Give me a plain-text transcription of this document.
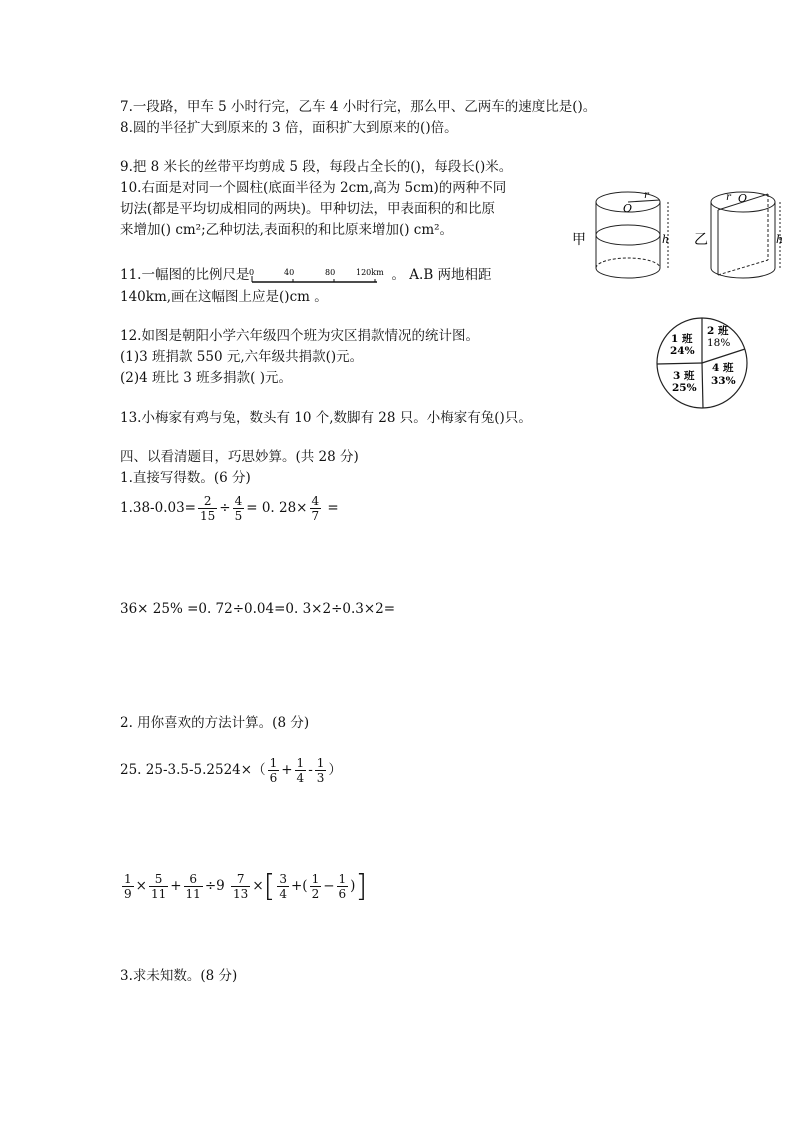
7.一段路，甲车 5 小时行完，乙车 4 小时行完，那么甲、乙两车的速度比是()。
8.圆的半径扩大到原来的 3 倍，面积扩大到原来的()倍。
9.把 8 米长的丝带平均剪成 5 段，每段占全长的()，每段长()米。
10.右面是对同一个圆柱(底面半径为 2cm,高为 5cm)的两种不同
切法(都是平均切成相同的两块)。甲种切法，甲表面积的和比原
来增加() cm²;乙种切法,表面积的和比原来增加() cm²。
甲
O
r
h 乙
r O
h
11.一幅图的比例尺是 0	40	80	120km 。 A.B 两地相距
140km,画在这幅图上应是()cm 。
12.如图是朝阳小学六年级四个班为灾区捐款情况的统计图。
(1)3 班捐款 550 元,六年级共捐款()元。
(2)4 班比 3 班多捐款( )元。
1 班
24%
2 班
18%
4 班
33%
3 班
25%
13.小梅家有鸡与兔，数头有 10 个,数脚有 28 只。小梅家有兔()只。
四、以看清题目，巧思妙算。(共 28 分)
1.直接写得数。(6 分)
$1.38-0.03= \frac{2}{15} \div \frac{4}{5} = 0$. $28\times \frac{4}{7}$ =
36× 25% =0. 72÷0.04=0. 3×2÷0.3×2=
2. 用你喜欢的方法计算。(8 分)
25. $25-3.5-5.2524\times( \frac{1}{6} + \frac{1}{4} - \frac{1}{3}$ ）
$\frac{1}{9} \times \frac{5}{11} + \frac{6}{11} \div 9 \frac{7}{13}$ ×[ $\frac{3}{4}$ +( $\frac{1}{2} - \frac{1}{6}$ )]
3.求未知数。(8 分)
